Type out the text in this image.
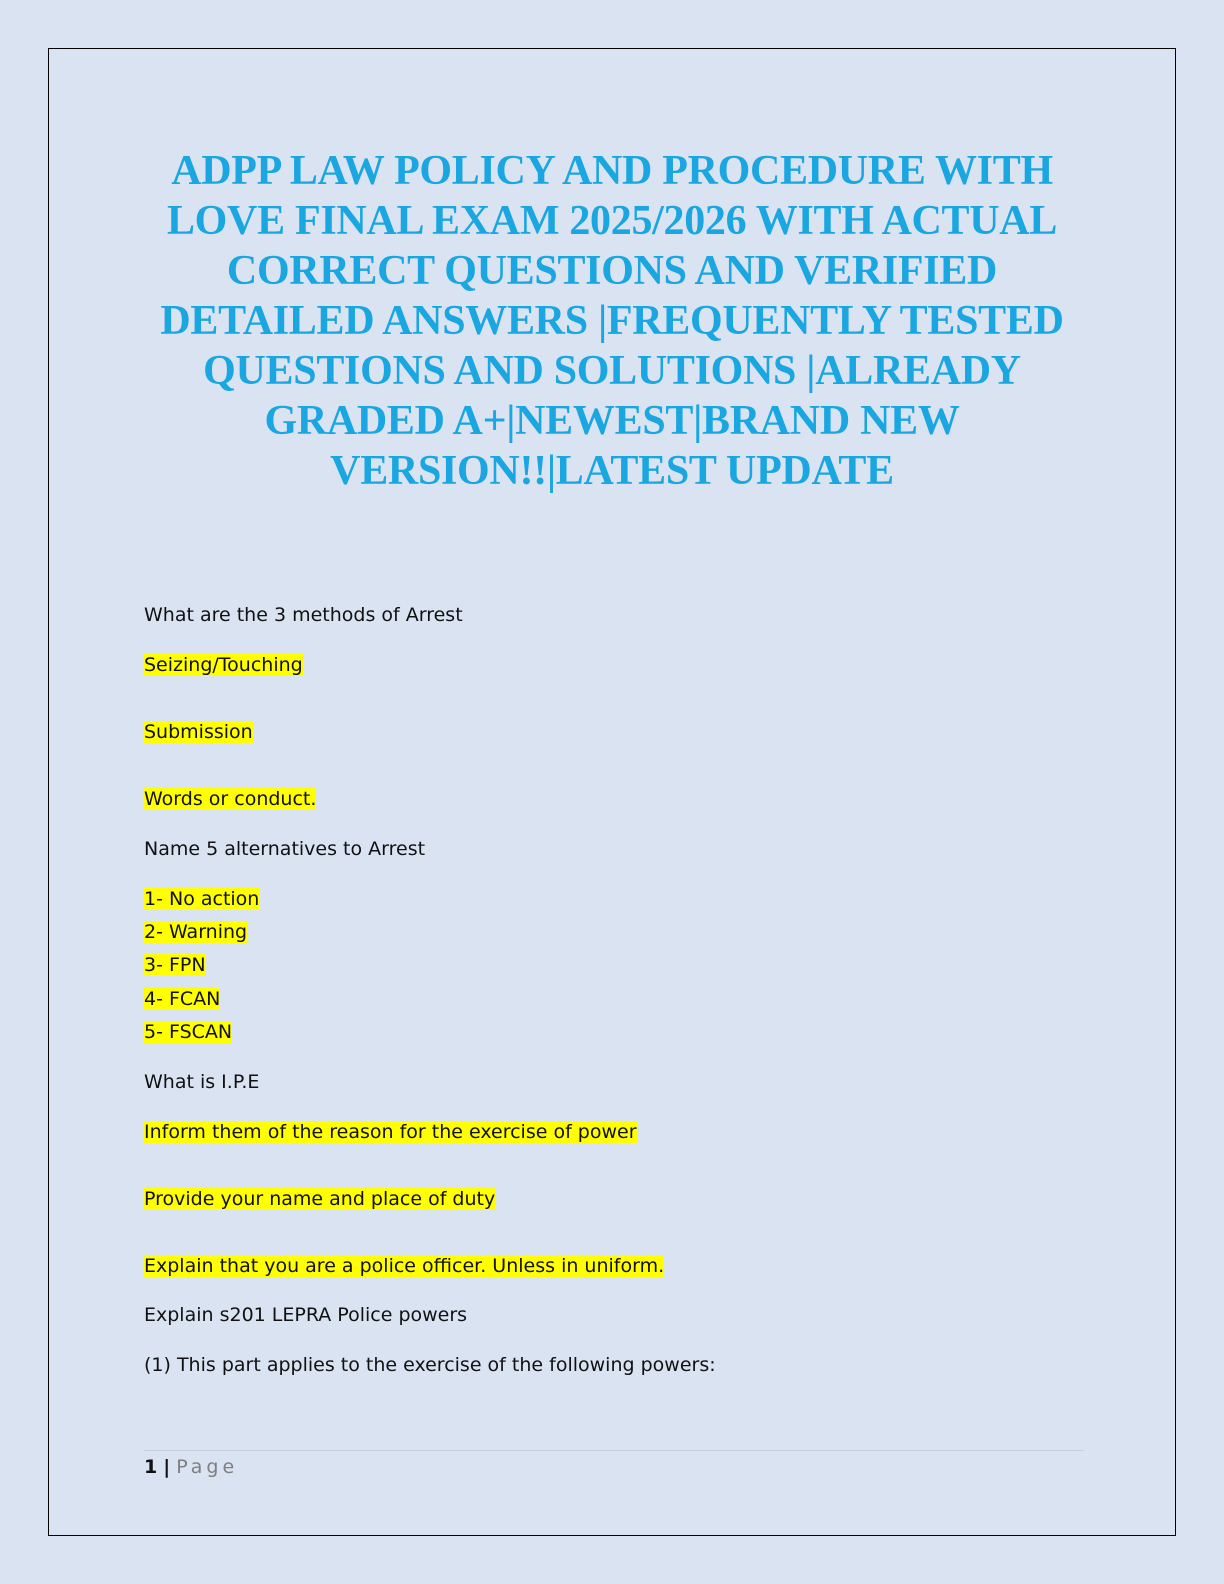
ADPP LAW POLICY AND PROCEDURE WITH
LOVE FINAL EXAM 2025/2026 WITH ACTUAL
CORRECT QUESTIONS AND VERIFIED
DETAILED ANSWERS |FREQUENTLY TESTED
QUESTIONS AND SOLUTIONS |ALREADY
GRADED A+|NEWEST|BRAND NEW
VERSION!!|LATEST UPDATE

What are the 3 methods of Arrest

Seizing/Touching

Submission

Words or conduct.

Name 5 alternatives to Arrest

1- No action

2- Warning

3- FPN

4- FCAN

5- FSCAN

What is I.P.E

Inform them of the reason for the exercise of power

Provide your name and place of duty

Explain that you are a police officer. Unless in uniform.

Explain s201 LEPRA Police powers

(1) This part applies to the exercise of the following powers:

1 | Page
